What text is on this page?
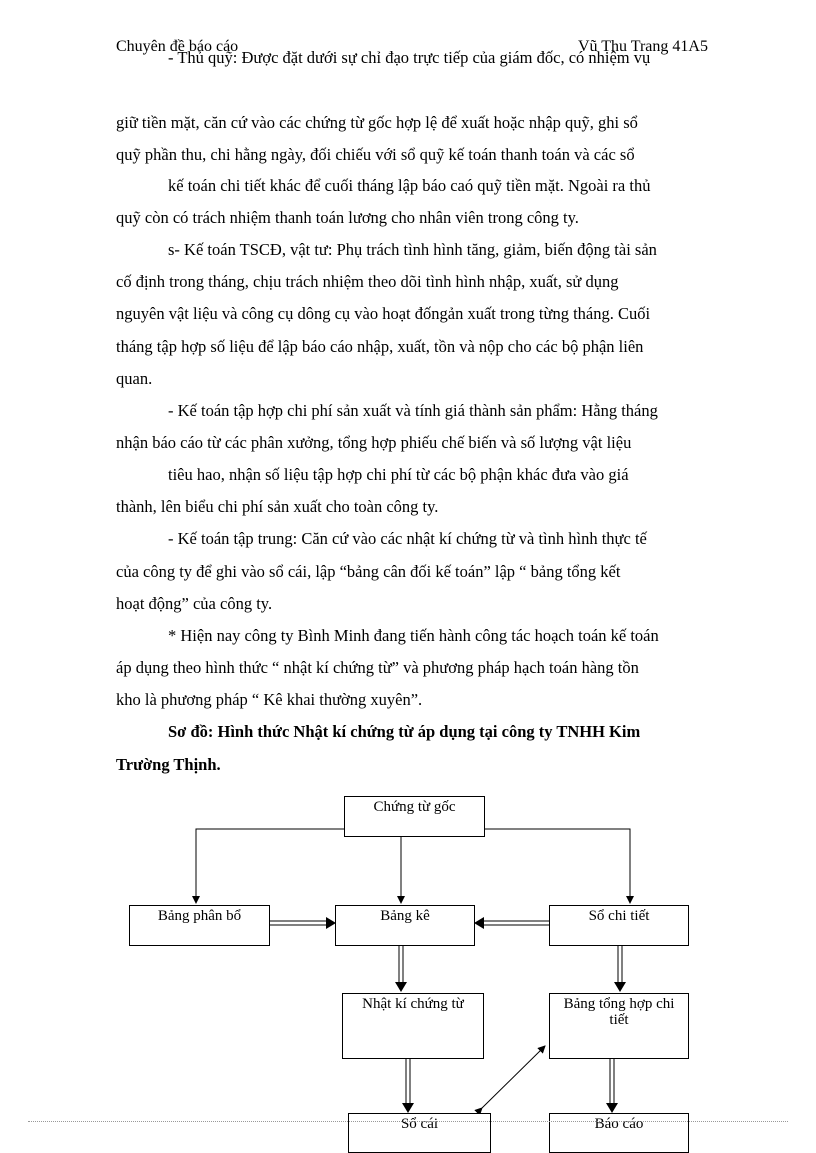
Chuyên đề báo cáo	Vũ Thu Trang 41A5
- Thủ quỹ: Được đặt dưới sự chỉ đạo trực tiếp của giám đốc, có nhiệm vụ
giữ tiền mặt, căn cứ vào các chứng từ gốc hợp lệ để xuất hoặc nhập quỹ, ghi sổ
quỹ phần thu, chi hằng ngày, đối chiếu với sổ quỹ kế toán thanh toán và các sổ
kế toán chi tiết khác để cuối tháng lập báo caó quỹ tiền mặt. Ngoài ra thủ
quỹ còn có trách nhiệm thanh toán lương cho nhân viên trong công ty.
s- Kế toán TSCĐ, vật tư: Phụ trách tình hình tăng, giảm, biến động tài sản
cố định trong tháng, chịu trách nhiệm theo dõi tình hình nhập, xuất, sử dụng
nguyên vật liệu và công cụ dông cụ vào hoạt đốngản xuất trong từng tháng. Cuối
tháng tập hợp số liệu để lập báo cáo nhập, xuất, tồn và nộp cho các bộ phận liên
quan.
- Kế toán tập hợp chi phí sản xuất và tính giá thành sản phẩm: Hằng tháng
nhận báo cáo từ các phân xưởng, tổng hợp phiếu chế biến và số lượng vật liệu
tiêu hao, nhận số liệu tập hợp chi phí từ các bộ phận khác đưa vào giá
thành, lên biểu chi phí sản xuất cho toàn công ty.
- Kế toán tập trung: Căn cứ vào các nhật kí chứng từ và tình hình thực tế
của công ty để ghi vào sổ cái, lập “bảng cân đối kế toán” lập “ bảng tổng kết
hoạt động” của công ty.
* Hiện nay công ty Bình Minh đang tiến hành công tác hoạch toán kế toán
áp dụng theo hình thức “ nhật kí chứng từ” và phương pháp hạch toán hàng tồn
kho là phương pháp “ Kê khai thường xuyên”.
Sơ đồ: Hình thức Nhật kí chứng từ áp dụng tại công ty TNHH Kim
Trường Thịnh.
Chứng từ gốc
Bảng phân bổ	Bảng kê	Sổ chi tiết
Nhật kí chứng từ	Bảng tổng hợp chi tiết
Sổ cái	Báo cáo
